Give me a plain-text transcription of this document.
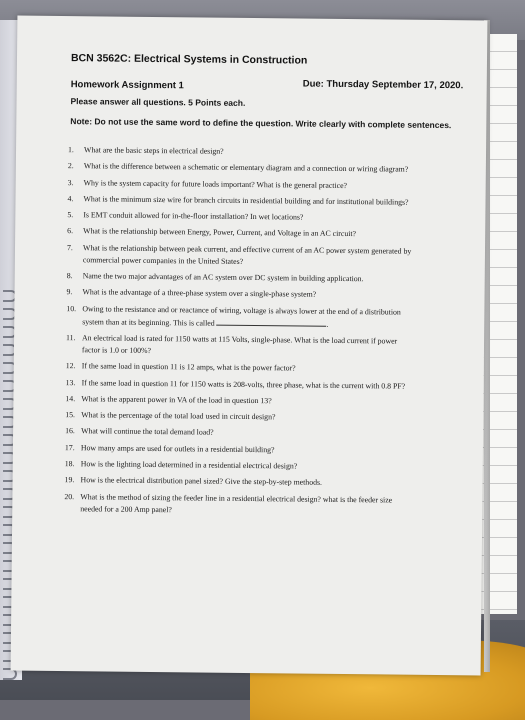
BCN 3562C: Electrical Systems in Construction
Homework Assignment 1	Due: Thursday September 17, 2020.
Please answer all questions. 5 Points each.
Note: Do not use the same word to define the question. Write clearly with complete sentences.
1. What are the basic steps in electrical design?
2. What is the difference between a schematic or elementary diagram and a connection or wiring diagram?
3. Why is the system capacity for future loads important? What is the general practice?
4. What is the minimum size wire for branch circuits in residential building and for institutional buildings?
5. Is EMT conduit allowed for in-the-floor installation? In wet locations?
6. What is the relationship between Energy, Power, Current, and Voltage in an AC circuit?
7. What is the relationship between peak current, and effective current of an AC power system generated by
commercial power companies in the United States?
8. Name the two major advantages of an AC system over DC system in building application.
9. What is the advantage of a three-phase system over a single-phase system?
10. Owing to the resistance and or reactance of wiring, voltage is always lower at the end of a distribution
system than at its beginning. This is called	.
11. An electrical load is rated for 1150 watts at 115 Volts, single-phase. What is the load current if power
factor is 1.0 or 100%?
12. If the same load in question 11 is 12 amps, what is the power factor?
13. If the same load in question 11 for 1150 watts is 208-volts, three phase, what is the current with 0.8 PF?
14. What is the apparent power in VA of the load in question 13?
15. What is the percentage of the total load used in circuit design?
16. What will continue the total demand load?
17. How many amps are used for outlets in a residential building?
18. How is the lighting load determined in a residential electrical design?
19. How is the electrical distribution panel sized? Give the step-by-step methods.
20. What is the method of sizing the feeder line in a residential electrical design? what is the feeder size
needed for a 200 Amp panel?
